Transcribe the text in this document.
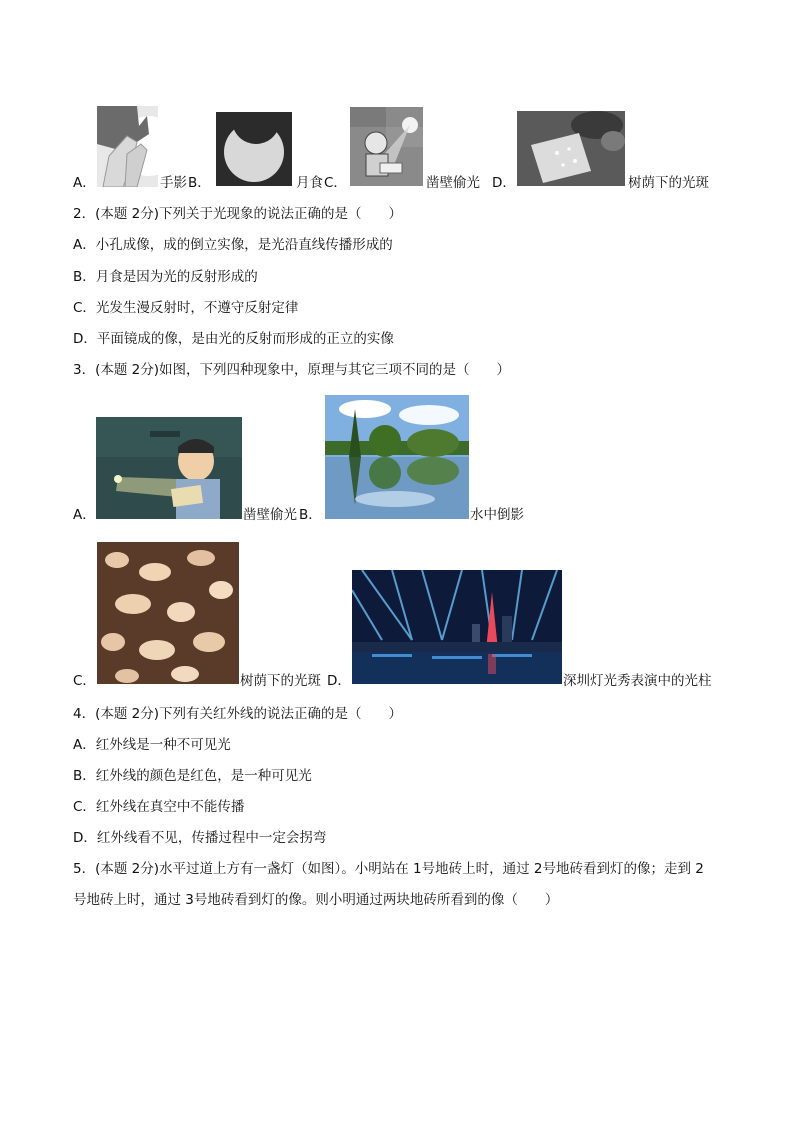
A．	手影 B．	月食 C．	凿壁偷光 D．	树荫下的光斑
2．(本题 2分)下列关于光现象的说法正确的是（　　）
A．小孔成像，成的倒立实像，是光沿直线传播形成的
B．月食是因为光的反射形成的
C．光发生漫反射时，不遵守反射定律
D．平面镜成的像，是由光的反射而形成的正立的实像
3．(本题 2分)如图，下列四种现象中，原理与其它三项不同的是（　　）
A．	凿壁偷光 B．	水中倒影
C．	树荫下的光斑 D．	深圳灯光秀表演中的光柱
4．(本题 2分)下列有关红外线的说法正确的是（　　）
A．红外线是一种不可见光
B．红外线的颜色是红色，是一种可见光
C．红外线在真空中不能传播
D．红外线看不见，传播过程中一定会拐弯
5．(本题 2分)水平过道上方有一盏灯（如图）。小明站在 1号地砖上时，通过 2号地砖看到灯的像；走到 2
号地砖上时，通过 3号地砖看到灯的像。则小明通过两块地砖所看到的像（　　）
